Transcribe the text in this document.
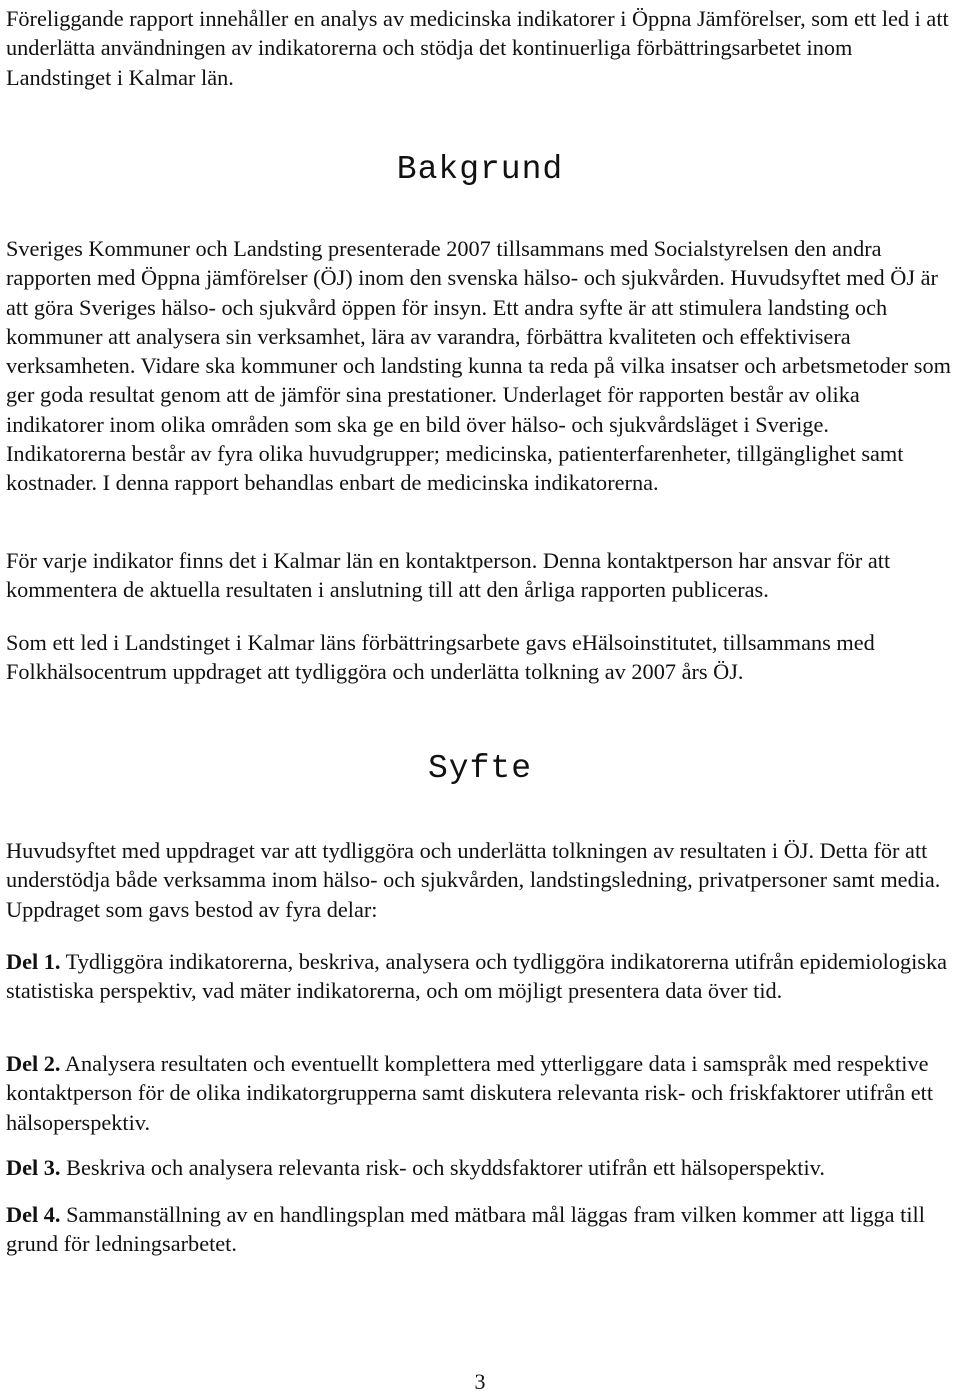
Föreliggande rapport innehåller en analys av medicinska indikatorer i Öppna Jämförelser, som ett led i att underlätta användningen av indikatorerna och stödja det kontinuerliga förbättringsarbetet inom Landstinget i Kalmar län.

Bakgrund

Sveriges Kommuner och Landsting presenterade 2007 tillsammans med Socialstyrelsen den andra rapporten med Öppna jämförelser (ÖJ) inom den svenska hälso- och sjukvården. Huvudsyftet med ÖJ är att göra Sveriges hälso- och sjukvård öppen för insyn. Ett andra syfte är att stimulera landsting och kommuner att analysera sin verksamhet, lära av varandra, förbättra kvaliteten och effektivisera verksamheten. Vidare ska kommuner och landsting kunna ta reda på vilka insatser och arbetsmetoder som ger goda resultat genom att de jämför sina prestationer. Underlaget för rapporten består av olika indikatorer inom olika områden som ska ge en bild över hälso- och sjukvårdsläget i Sverige. Indikatorerna består av fyra olika huvudgrupper; medicinska, patienterfarenheter, tillgänglighet samt kostnader. I denna rapport behandlas enbart de medicinska indikatorerna.

För varje indikator finns det i Kalmar län en kontaktperson. Denna kontaktperson har ansvar för att kommentera de aktuella resultaten i anslutning till att den årliga rapporten publiceras.

Som ett led i Landstinget i Kalmar läns förbättringsarbete gavs eHälsoinstitutet, tillsammans med Folkhälsocentrum uppdraget att tydliggöra och underlätta tolkning av 2007 års ÖJ.

Syfte

Huvudsyftet med uppdraget var att tydliggöra och underlätta tolkningen av resultaten i ÖJ. Detta för att understödja både verksamma inom hälso- och sjukvården, landstingsledning, privatpersoner samt media. Uppdraget som gavs bestod av fyra delar:

Del 1. Tydliggöra indikatorerna, beskriva, analysera och tydliggöra indikatorerna utifrån epidemiologiska statistiska perspektiv, vad mäter indikatorerna, och om möjligt presentera data över tid.

Del 2. Analysera resultaten och eventuellt komplettera med ytterliggare data i samspråk med respektive kontaktperson för de olika indikatorgrupperna samt diskutera relevanta risk- och friskfaktorer utifrån ett hälsoperspektiv.

Del 3. Beskriva och analysera relevanta risk- och skyddsfaktorer utifrån ett hälsoperspektiv.

Del 4. Sammanställning av en handlingsplan med mätbara mål läggas fram vilken kommer att ligga till grund för ledningsarbetet.

3
